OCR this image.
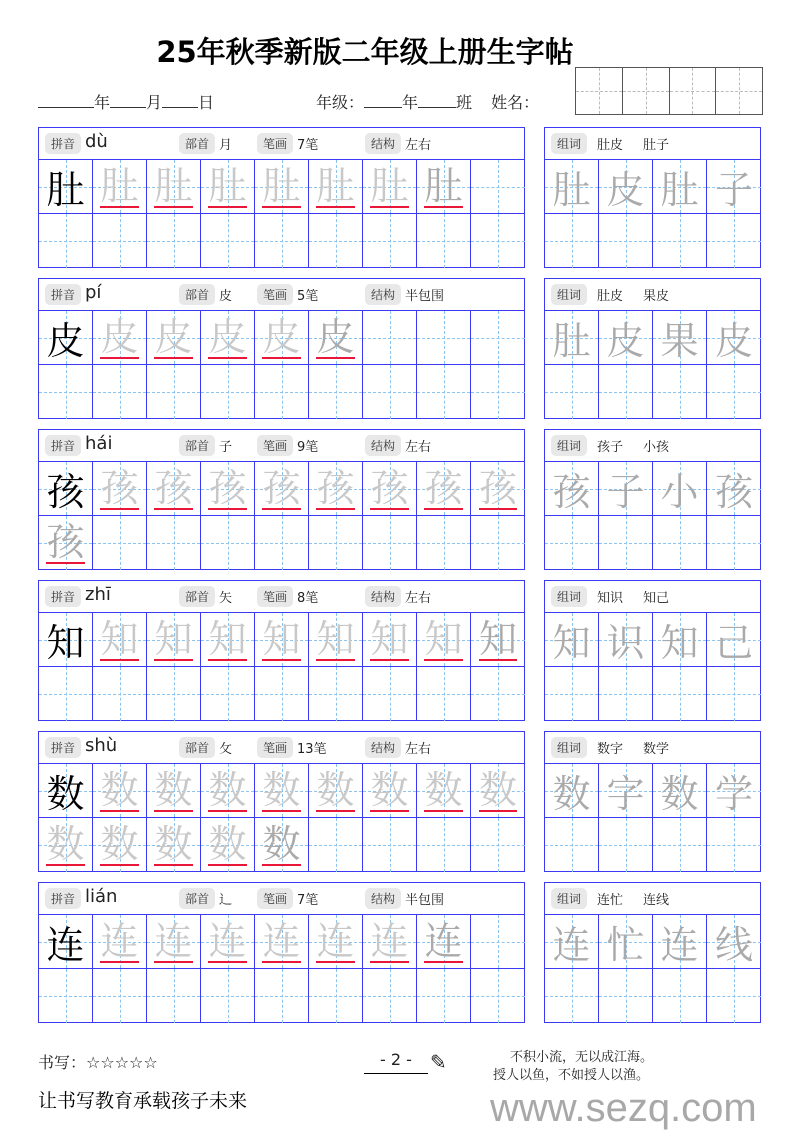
25年秋季新版二年级上册生字帖
年 月 日	年级： 年 班 姓名：
拼音 dù	部首 月	笔画 7笔	结构 左右
肚 肚 肚 肚 肚 肚 肚 肚
组词	肚皮 肚子
肚 皮 肚 子
拼音 pí	部首 皮	笔画 5笔	结构 半包围
皮 皮 皮 皮 皮 皮
组词	肚皮 果皮
肚 皮 果 皮
拼音 hái	部首 子	笔画 9笔	结构 左右
孩 孩 孩 孩 孩 孩 孩 孩 孩
孩
组词	孩子 小孩
孩 子 小 孩
拼音 zhī	部首 矢	笔画 8笔	结构 左右
知 知 知 知 知 知 知 知 知
组词	知识 知己
知 识 知 己
拼音 shù	部首 攵	笔画 13笔	结构 左右
数 数 数 数 数 数 数 数 数
数 数 数 数 数
组词	数字 数学
数 字 数 学
拼音 lián	部首 辶	笔画 7笔	结构 半包围
连 连 连 连 连 连 连 连
组词	连忙 连线
连 忙 连 线
书写：☆☆☆☆☆
让书写教育承载孩子未来
- 2 - ✎	不积小流，无以成江海。
授人以鱼，不如授人以渔。
www.sezq.com
